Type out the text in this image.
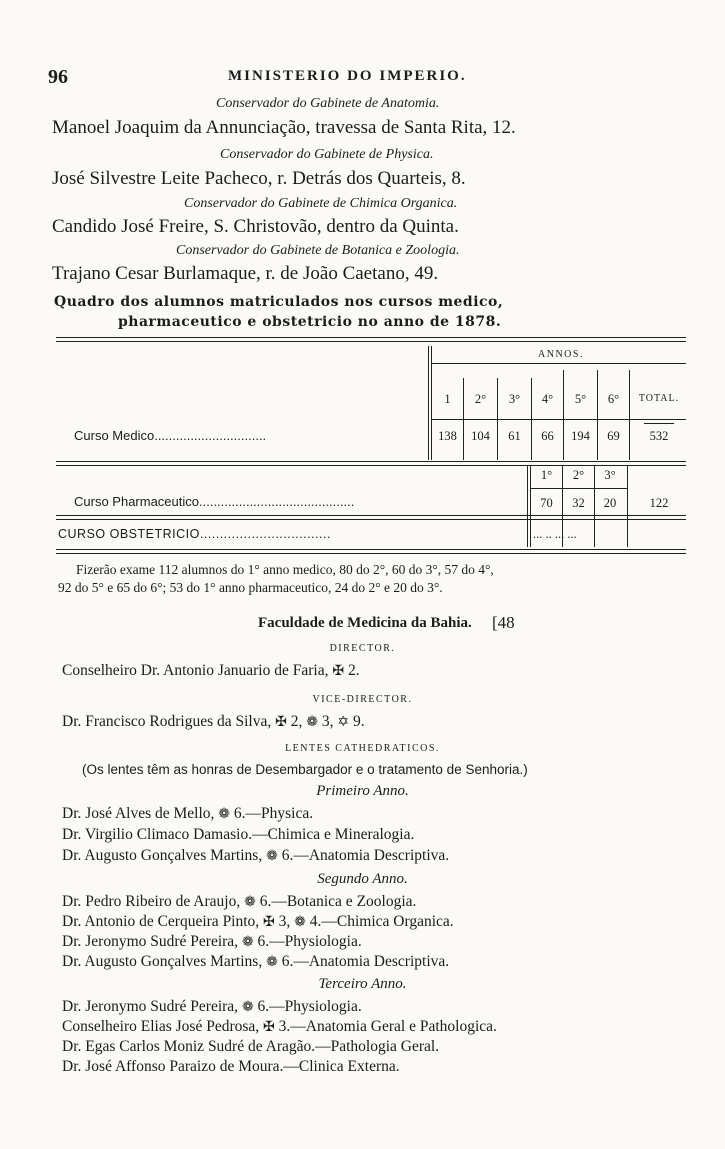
96	MINISTERIO DO IMPERIO.
Conservador do Gabinete de Anatomia.
Manoel Joaquim da Annunciação, travessa de Santa Rita, 12.
Conservador do Gabinete de Physica.
José Silvestre Leite Pacheco, r. Detrás dos Quarteis, 8.
Conservador do Gabinete de Chimica Organica.
Candido José Freire, S. Christovão, dentro da Quinta.
Conservador do Gabinete de Botanica e Zoologia.
Trajano Cesar Burlamaque, r. de João Caetano, 49.
Quadro dos alumnos matriculados nos cursos medico,
pharmaceutico e obstetricio no anno de 1878.
ANNOS.
1	2°	3°	4°	5°	6°	TOTAL.
Curso Medico...............................	138	104	61	66	194	69	532
1°	2°	3°
Curso Pharmaceutico...........................................	70	32	20	122
CURSO OBSTETRICIO.................................	... .. ... ...
Fizerão exame 112 alumnos do 1° anno medico, 80 do 2°, 60 do 3°, 57 do 4°,
92 do 5° e 65 do 6°; 53 do 1° anno pharmaceutico, 24 do 2° e 20 do 3°.
Faculdade de Medicina da Bahia. [48
DIRECTOR.
Conselheiro Dr. Antonio Januario de Faria, ✠ 2.
VICE-DIRECTOR.
Dr. Francisco Rodrigues da Silva, ✠ 2, ❁ 3, ✡ 9.
LENTES CATHEDRATICOS.
(Os lentes têm as honras de Desembargador e o tratamento de Senhoria.)
Primeiro Anno.
Dr. José Alves de Mello, ❁ 6.—Physica.
Dr. Virgilio Climaco Damasio.—Chimica e Mineralogia.
Dr. Augusto Gonçalves Martins, ❁ 6.—Anatomia Descriptiva.
Segundo Anno.
Dr. Pedro Ribeiro de Araujo, ❁ 6.—Botanica e Zoologia.
Dr. Antonio de Cerqueira Pinto, ✠ 3, ❁ 4.—Chimica Organica.
Dr. Jeronymo Sudré Pereira, ❁ 6.—Physiologia.
Dr. Augusto Gonçalves Martins, ❁ 6.—Anatomia Descriptiva.
Terceiro Anno.
Dr. Jeronymo Sudré Pereira, ❁ 6.—Physiologia.
Conselheiro Elias José Pedrosa, ✠ 3.—Anatomia Geral e Pathologica.
Dr. Egas Carlos Moniz Sudré de Aragão.—Pathologia Geral.
Dr. José Affonso Paraizo de Moura.—Clinica Externa.
